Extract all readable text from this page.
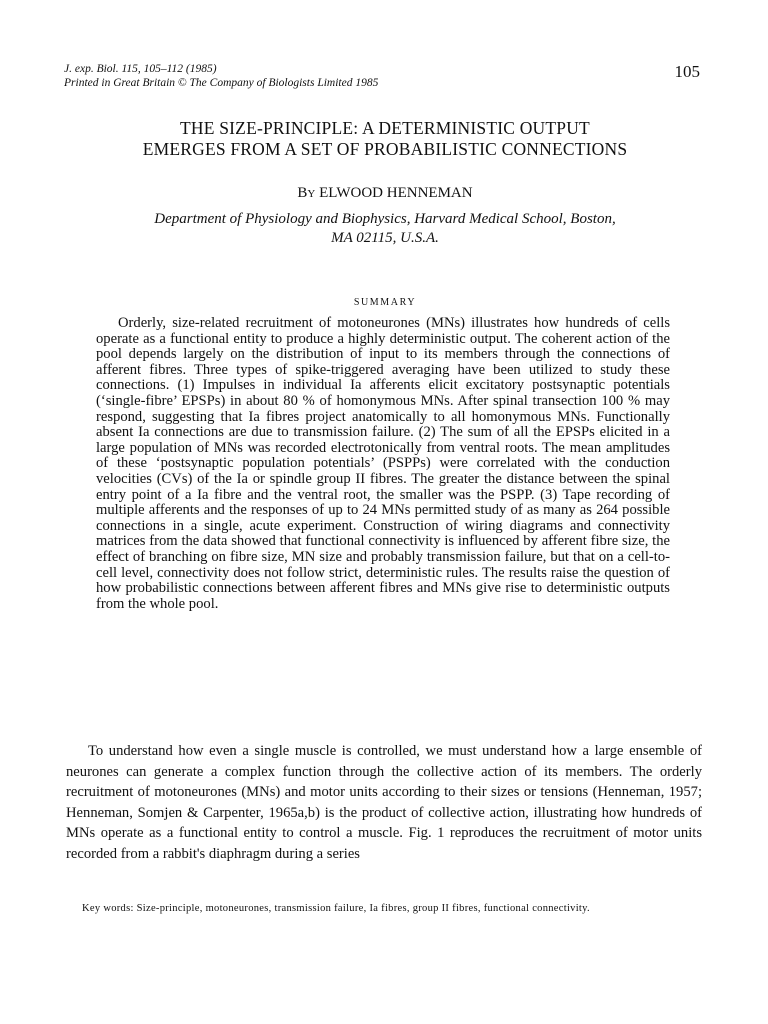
J. exp. Biol. 115, 105–112 (1985)

Printed in Great Britain © The Company of Biologists Limited 1985

105
THE SIZE-PRINCIPLE: A DETERMINISTIC OUTPUT
EMERGES FROM A SET OF PROBABILISTIC CONNECTIONS

By ELWOOD HENNEMAN

Department of Physiology and Biophysics, Harvard Medical School, Boston,
MA 02115, U.S.A.

SUMMARY

Orderly, size-related recruitment of motoneurones (MNs) illustrates how hundreds of cells operate as a functional entity to produce a highly deterministic output. The coherent action of the pool depends largely on the distribution of input to its members through the connections of afferent fibres. Three types of spike-triggered averaging have been utilized to study these connections. (1) Impulses in individual Ia afferents elicit excitatory postsynaptic potentials (‘single-fibre’ EPSPs) in about 80 % of homonymous MNs. After spinal transection 100 % may respond, suggesting that Ia fibres project anatomically to all homonymous MNs. Functionally absent Ia connections are due to transmission failure. (2) The sum of all the EPSPs elicited in a large population of MNs was recorded electrotonically from ventral roots. The mean amplitudes of these ‘postsynaptic population potentials’ (PSPPs) were correlated with the conduction velocities (CVs) of the Ia or spindle group II fibres. The greater the distance between the spinal entry point of a Ia fibre and the ventral root, the smaller was the PSPP. (3) Tape recording of multiple afferents and the responses of up to 24 MNs permitted study of as many as 264 possible connections in a single, acute experiment. Construction of wiring diagrams and connectivity matrices from the data showed that functional connectivity is influenced by afferent fibre size, the effect of branching on fibre size, MN size and probably transmission failure, but that on a cell-to-cell level, connectivity does not follow strict, deterministic rules. The results raise the question of how probabilistic connections between afferent fibres and MNs give rise to deterministic outputs from the whole pool.

To understand how even a single muscle is controlled, we must understand how a large ensemble of neurones can generate a complex function through the collective action of its members. The orderly recruitment of motoneurones (MNs) and motor units according to their sizes or tensions (Henneman, 1957; Henneman, Somjen & Carpenter, 1965a,b) is the product of collective action, illustrating how hundreds of MNs operate as a functional entity to control a muscle. Fig. 1 reproduces the recruitment of motor units recorded from a rabbit's diaphragm during a series

Key words: Size-principle, motoneurones, transmission failure, Ia fibres, group II fibres, functional connectivity.
